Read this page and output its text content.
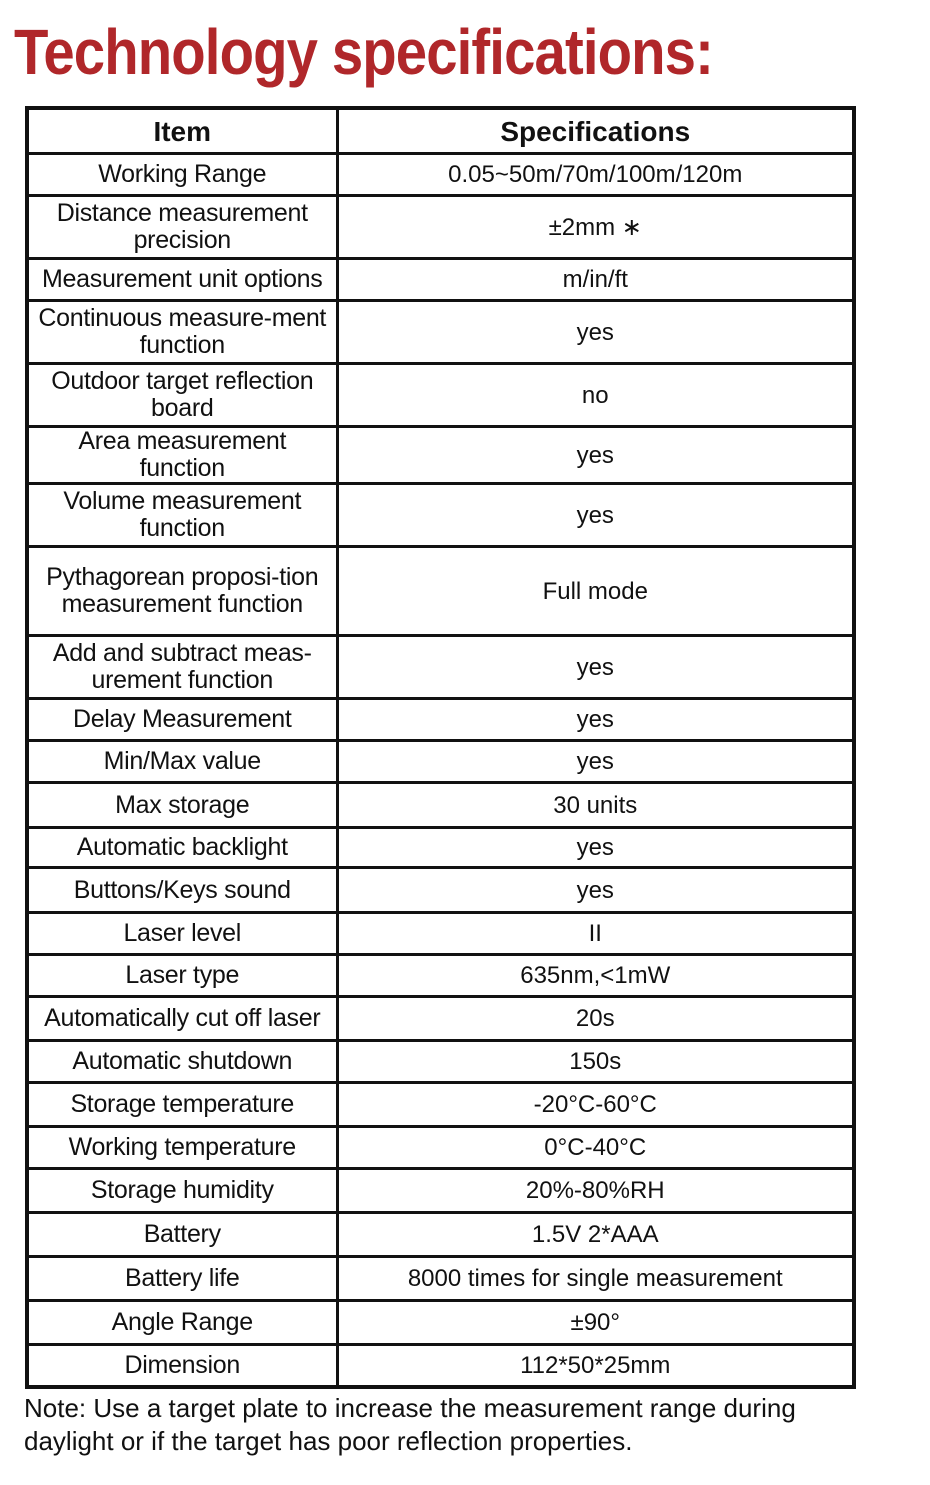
Technology specifications:
Item	Specifications
Working Range	0.05~50m/70m/100m/120m
Distance measurement precision	±2mm ∗
Measurement unit options	m/in/ft
Continuous measure-ment function	yes
Outdoor target reflection board	no
Area measurement function	yes
Volume measurement function	yes
Pythagorean proposi-tion measurement function	Full mode
Add and subtract meas-urement function	yes
Delay Measurement	yes
Min/Max value	yes
Max storage	30 units
Automatic backlight	yes
Buttons/Keys sound	yes
Laser level	II
Laser type	635nm,<1mW
Automatically cut off laser	20s
Automatic shutdown	150s
Storage temperature	-20°C-60°C
Working temperature	0°C-40°C
Storage humidity	20%-80%RH
Battery	1.5V 2*AAA
Battery life	8000 times for single measurement
Angle Range	±90°
Dimension	112*50*25mm

Note: Use a target plate to increase the measurement range during daylight or if the target has poor reflection properties.
